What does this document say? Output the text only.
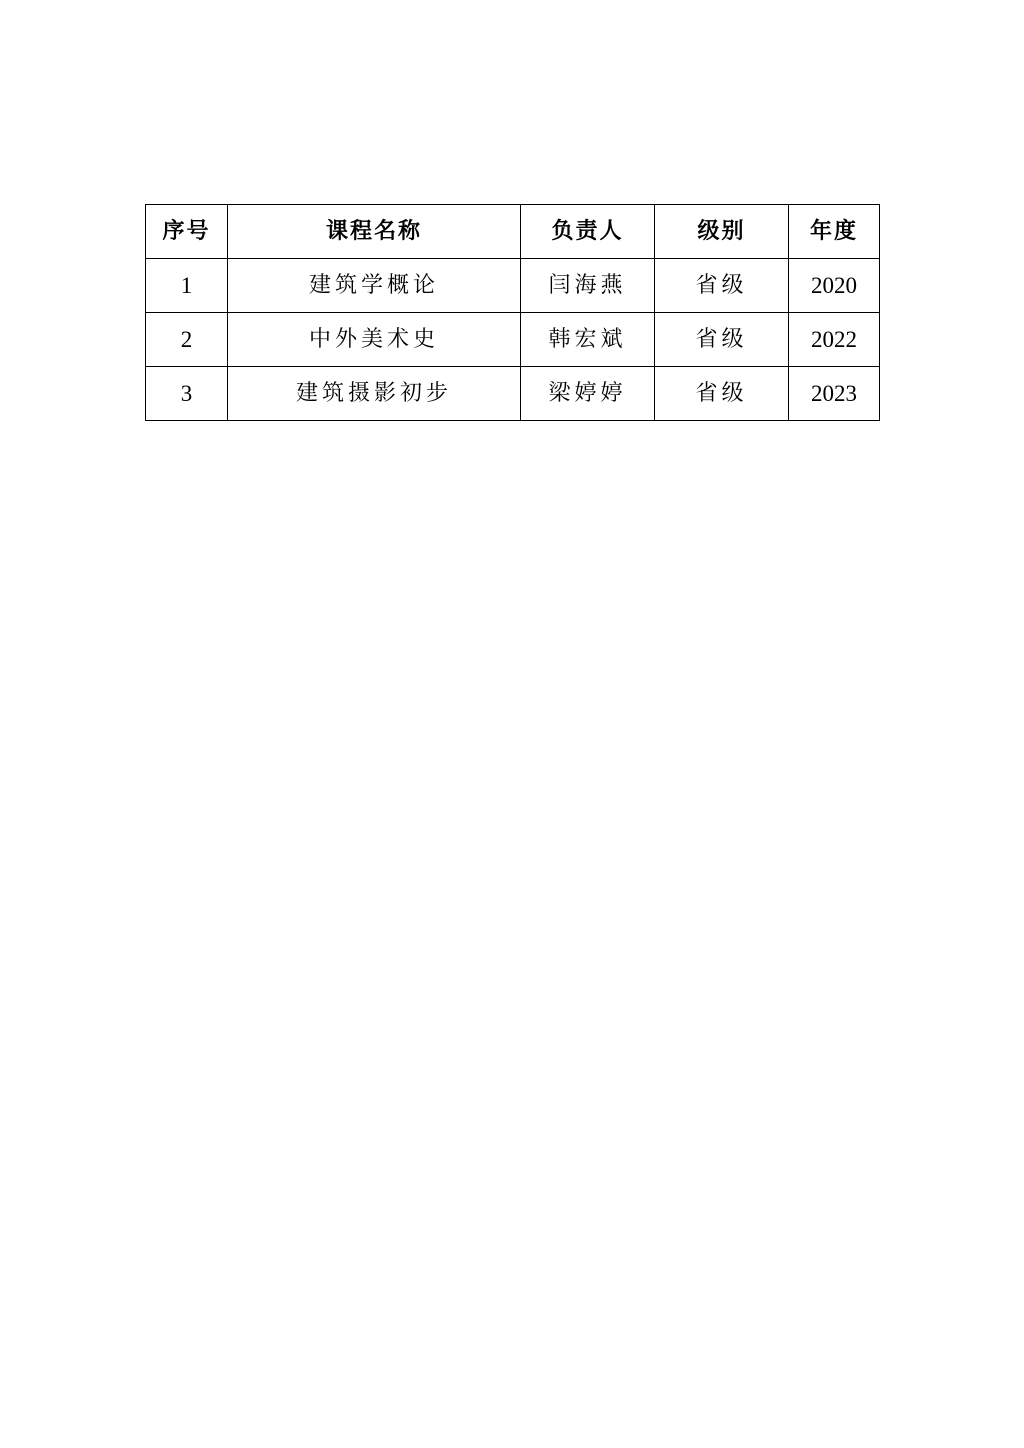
序号	课程名称	负责人	级别	年度
1	建筑学概论	闫海燕	省级	2020
2	中外美术史	韩宏斌	省级	2022
3	建筑摄影初步	梁婷婷	省级	2023
